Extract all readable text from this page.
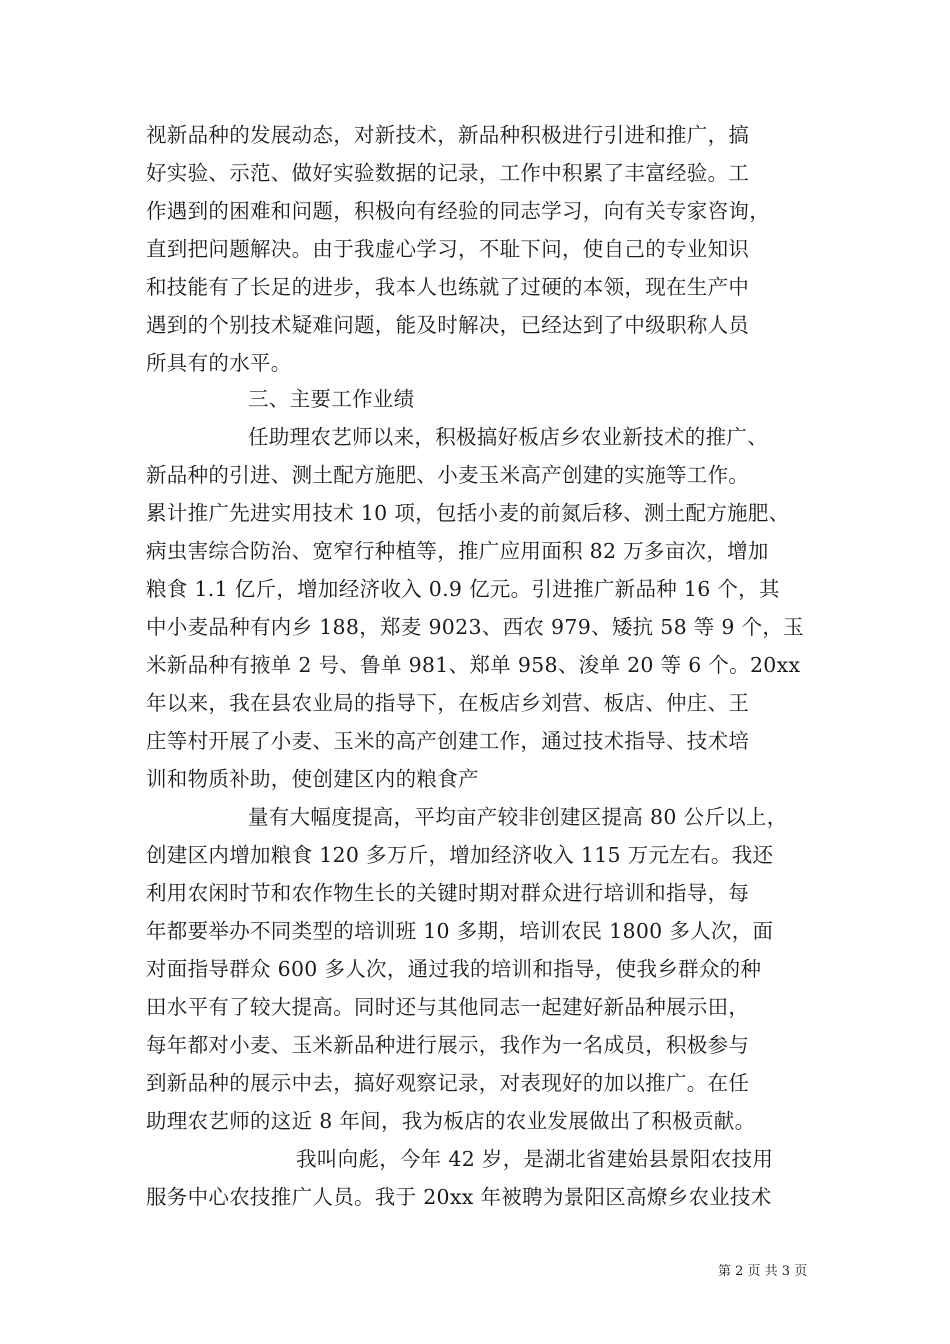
视新品种的发展动态，对新技术，新品种积极进行引进和推广，搞
好实验、示范、做好实验数据的记录，工作中积累了丰富经验。工
作遇到的困难和问题，积极向有经验的同志学习，向有关专家咨询，
直到把问题解决。由于我虚心学习，不耻下问，使自己的专业知识
和技能有了长足的进步，我本人也练就了过硬的本领，现在生产中
遇到的个别技术疑难问题，能及时解决，已经达到了中级职称人员
所具有的水平。
三、主要工作业绩
任助理农艺师以来，积极搞好板店乡农业新技术的推广、
新品种的引进、测土配方施肥、小麦玉米高产创建的实施等工作。
累计推广先进实用技术 10 项，包括小麦的前氮后移、测土配方施肥、
病虫害综合防治、宽窄行种植等，推广应用面积 82 万多亩次，增加
粮食 1.1 亿斤，增加经济收入 0.9 亿元。引进推广新品种 16 个，其
中小麦品种有内乡 188，郑麦 9023、西农 979、矮抗 58 等 9 个，玉
米新品种有掖单 2 号、鲁单 981、郑单 958、浚单 20 等 6 个。20xx
年以来，我在县农业局的指导下，在板店乡刘营、板店、仲庄、王
庄等村开展了小麦、玉米的高产创建工作，通过技术指导、技术培
训和物质补助，使创建区内的粮食产
量有大幅度提高，平均亩产较非创建区提高 80 公斤以上，
创建区内增加粮食 120 多万斤，增加经济收入 115 万元左右。我还
利用农闲时节和农作物生长的关键时期对群众进行培训和指导，每
年都要举办不同类型的培训班 10 多期，培训农民 1800 多人次，面
对面指导群众 600 多人次，通过我的培训和指导，使我乡群众的种
田水平有了较大提高。同时还与其他同志一起建好新品种展示田，
每年都对小麦、玉米新品种进行展示，我作为一名成员，积极参与
到新品种的展示中去，搞好观察记录，对表现好的加以推广。在任
助理农艺师的这近 8 年间，我为板店的农业发展做出了积极贡献。
我叫向彪，今年 42 岁，是湖北省建始县景阳农技用
服务中心农技推广人员。我于 20xx 年被聘为景阳区高燎乡农业技术
第 2 页 共 3 页
